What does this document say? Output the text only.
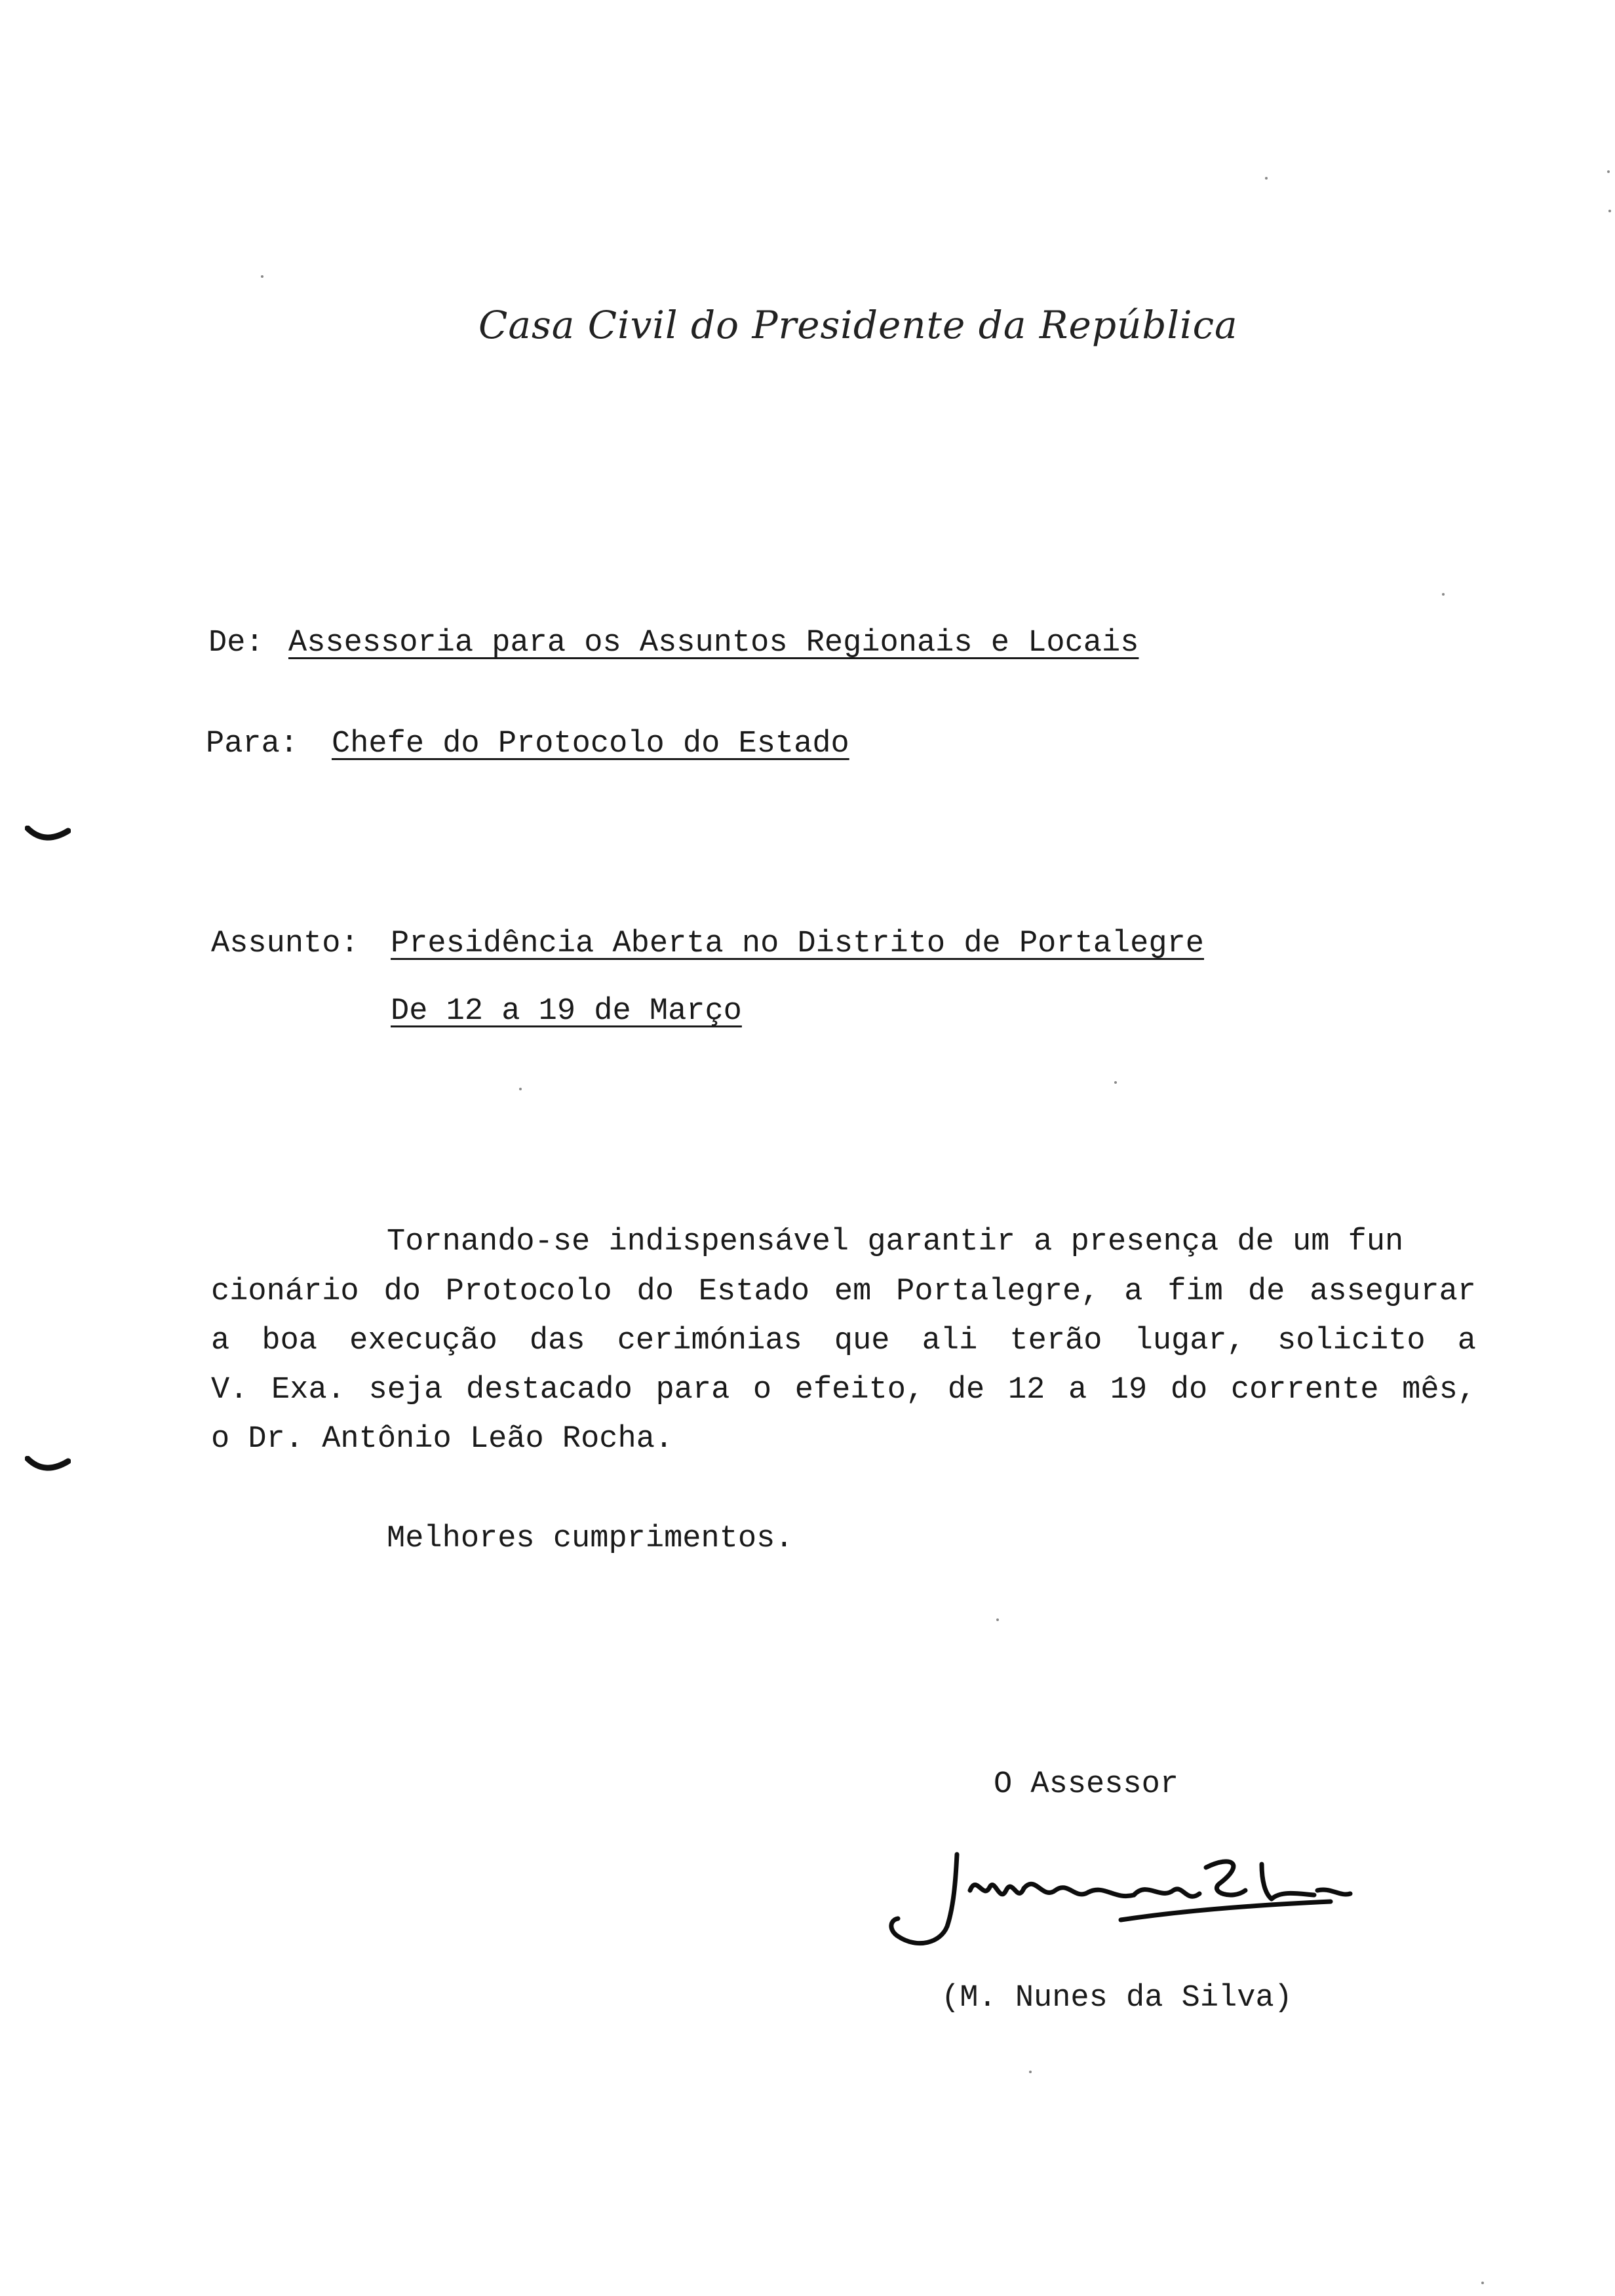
Casa Civil do Presidente da República
De: Assessoria para os Assuntos Regionais e Locais
Para: Chefe do Protocolo do Estado
Assunto: Presidência Aberta no Distrito de Portalegre
De 12 a 19 de Março
Tornando-se indispensável garantir a presença de um fun
cionário do Protocolo do Estado em Portalegre, a fim de assegurar
a boa execução das cerimónias que ali terão lugar, solicito a
V. Exa. seja destacado para o efeito, de 12 a 19 do corrente mês,
o Dr. Antônio Leão Rocha.
Melhores cumprimentos.
O Assessor
(M. Nunes da Silva)
